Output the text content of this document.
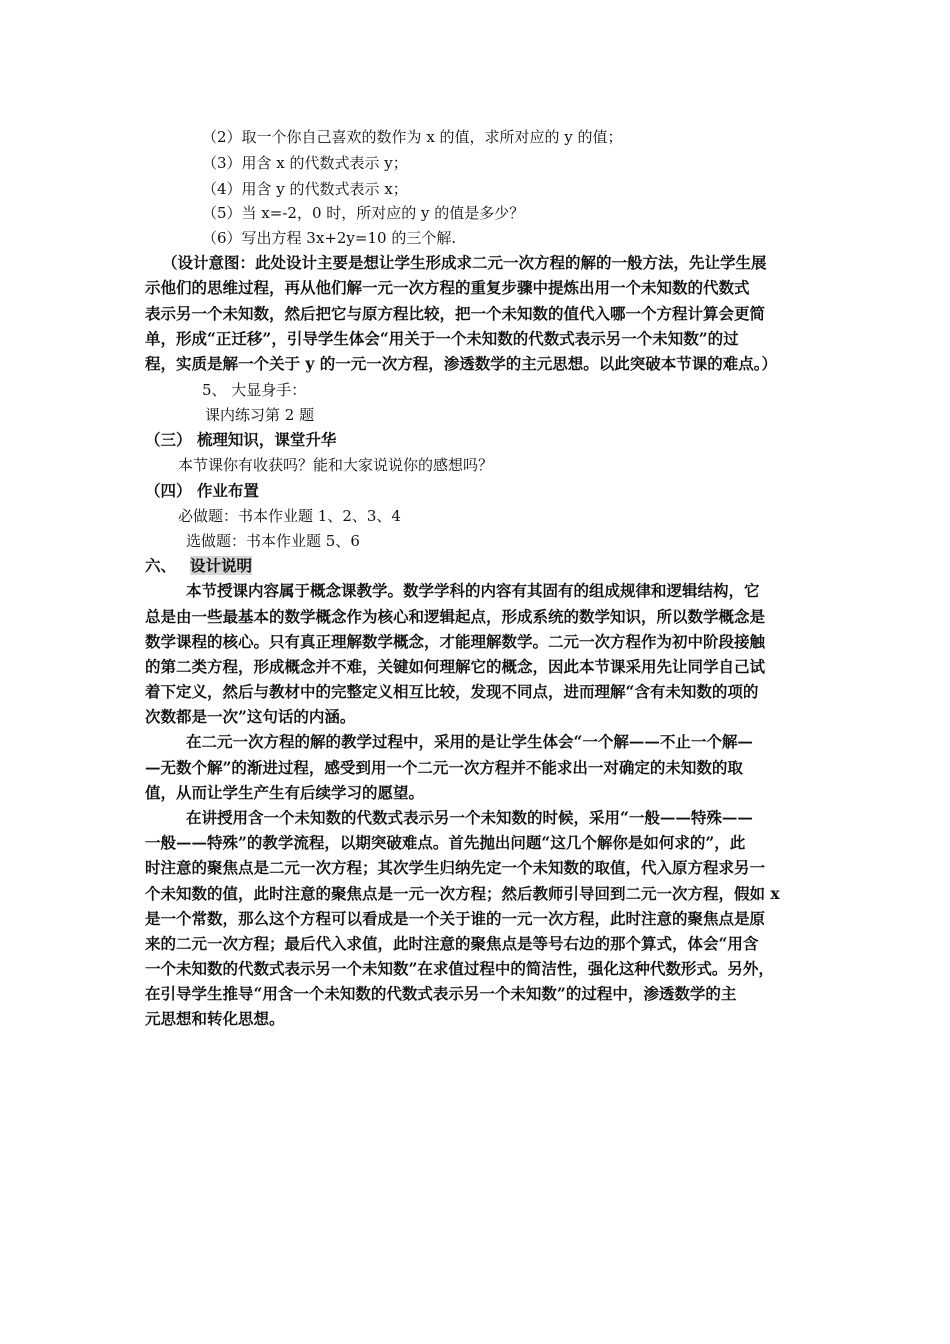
（2）取一个你自己喜欢的数作为 x 的值，求所对应的 y 的值；
（3）用含 x 的代数式表示 y；
（4）用含 y 的代数式表示 x；
（5）当 x=-2，0 时，所对应的 y 的值是多少？
（6）写出方程 3x+2y=10 的三个解.
（设计意图：此处设计主要是想让学生形成求二元一次方程的解的一般方法，先让学生展
示他们的思维过程，再从他们解一元一次方程的重复步骤中提炼出用一个未知数的代数式
表示另一个未知数，然后把它与原方程比较，把一个未知数的值代入哪一个方程计算会更简
单，形成“正迁移”，引导学生体会“用关于一个未知数的代数式表示另一个未知数”的过
程，实质是解一个关于 y 的一元一次方程，渗透数学的主元思想。以此突破本节课的难点。）
5、 大显身手：
课内练习第 2 题
（三） 梳理知识，课堂升华
本节课你有收获吗？能和大家说说你的感想吗？
（四） 作业布置
必做题：书本作业题 1、2、3、4
选做题：书本作业题 5、6
六、 设计说明
本节授课内容属于概念课教学。数学学科的内容有其固有的组成规律和逻辑结构，它
总是由一些最基本的数学概念作为核心和逻辑起点，形成系统的数学知识，所以数学概念是
数学课程的核心。只有真正理解数学概念，才能理解数学。二元一次方程作为初中阶段接触
的第二类方程，形成概念并不难，关键如何理解它的概念，因此本节课采用先让同学自己试
着下定义，然后与教材中的完整定义相互比较，发现不同点，进而理解“含有未知数的项的
次数都是一次”这句话的内涵。
在二元一次方程的解的教学过程中，采用的是让学生体会“一个解——不止一个解—
—无数个解”的渐进过程，感受到用一个二元一次方程并不能求出一对确定的未知数的取
值，从而让学生产生有后续学习的愿望。
在讲授用含一个未知数的代数式表示另一个未知数的时候，采用“一般——特殊——
一般——特殊”的教学流程，以期突破难点。首先抛出问题“这几个解你是如何求的”，此
时注意的聚焦点是二元一次方程；其次学生归纳先定一个未知数的取值，代入原方程求另一
个未知数的值，此时注意的聚焦点是一元一次方程；然后教师引导回到二元一次方程，假如 x
是一个常数，那么这个方程可以看成是一个关于谁的一元一次方程，此时注意的聚焦点是原
来的二元一次方程；最后代入求值，此时注意的聚焦点是等号右边的那个算式，体会“用含
一个未知数的代数式表示另一个未知数”在求值过程中的简洁性，强化这种代数形式。另外，
在引导学生推导“用含一个未知数的代数式表示另一个未知数”的过程中，渗透数学的主
元思想和转化思想。
